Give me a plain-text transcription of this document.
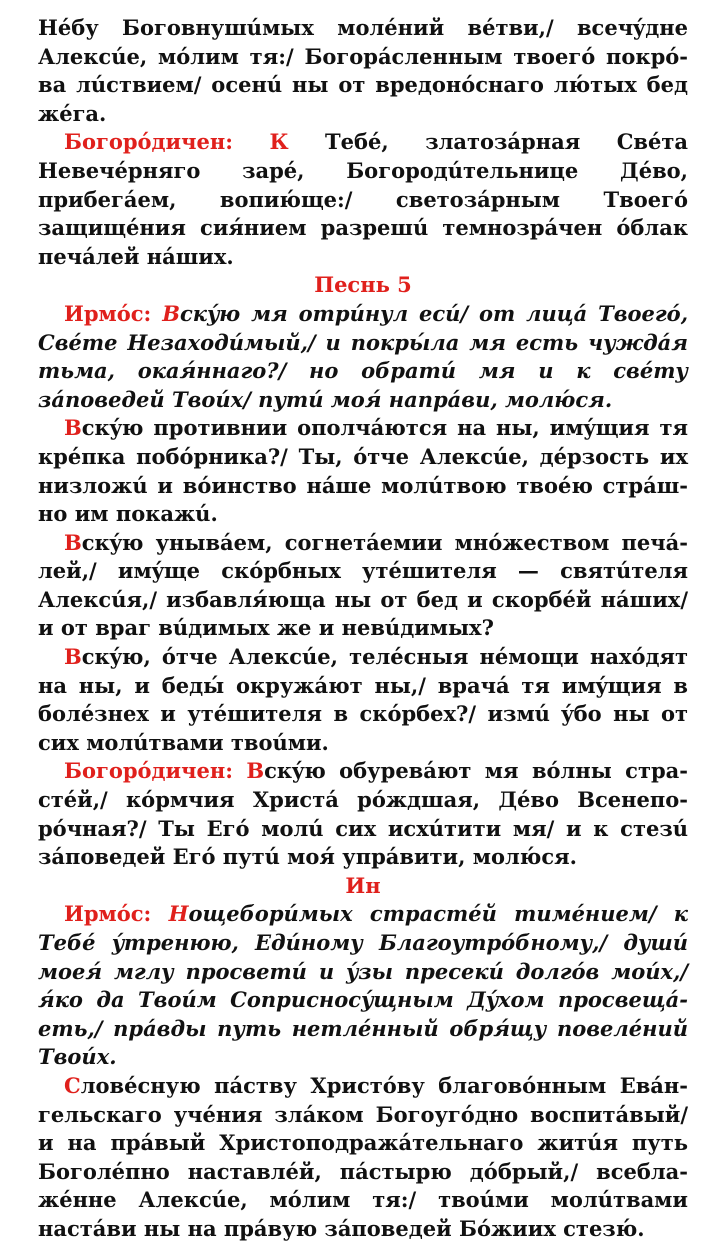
Нéбу Боговнушúмых молéний вéтви,/ всечýдне Алексúе, мóлим тя:/ Богорáсленным твоегó покрóва лúствием/ осенú ны от вредонóснаго лю́тых бед жéга.

Богорóдичен: К Тебé, златозáрная Свéта Невечéрняго зарé, Богородúтельнице Дéво, прибегáем, вопию́ще:/ светозáрным Твоегó защищéния сия́нием разрешú темнозрáчен óблак печáлей нáших.

Песнь 5

Ирмóс: Вскýю мя отрúнул есú/ от лицá Твоегó, Свéте Незаходúмый,/ и покры́ла мя есть чуждáя тьма, окая́ннаго?/ но обратú мя и к свéту зáповедей Твоúх/ путú моя́ напрáви, молю́ся.

Вскýю противнии ополчáются на ны, имýщия тя крéпка побóрника?/ Ты, óтче Алексúе, дéрзость их низложú и вóинство нáше молúтвою твоéю стрáшно им покажú.

Вскýю унывáем, согнетáемии мнóжеством печáлей,/ имýще скóрбных утéшителя — святúтеля Алексúя,/ избавля́юща ны от бед и скорбéй нáших/ и от враг вúдимых же и невúдимых?

Вскýю, óтче Алексúе, телéсныя нéмощи нахóдят на ны, и беды́ окружáют ны,/ врачá тя имýщия в болéзнех и утéшителя в скóрбех?/ измú ýбо ны от сих молúтвами твоúми.

Богорóдичен: Вскýю обуревáют мя вóлны страстéй,/ кóрмчия Христá рóждшая, Дéво Всенепорóчная?/ Ты Егó молú сих исхúтити мя/ и к стезú зáповедей Егó путú моя́ упрáвити, молю́ся.

Ин

Ирмóс: Нощеборúмых страстéй тимéнием/ к Тебé ýтренюю, Едúному Благоутрóбному,/ душú моея́ мглу просветú и ýзы пресекú долгóв моúх,/ я́ко да Твоúм Соприсносýщным Дýхом просвещáеть,/ прáвды путь нетлéнный обря́щу повелéний Твоúх.

Словéсную пáству Христóву благовóнным Евáнгельскаго учéния злáком Богоугóдно воспитáвый/ и на прáвый Христоподражáтельнаго житúя путь Боголéпно наставлéй, пáстырю дóбрый,/ всеблажéнне Алексúе, мóлим тя:/ твоúми молúтвами настáви ны на прáвую зáповедей Бóжиих стезю́.
